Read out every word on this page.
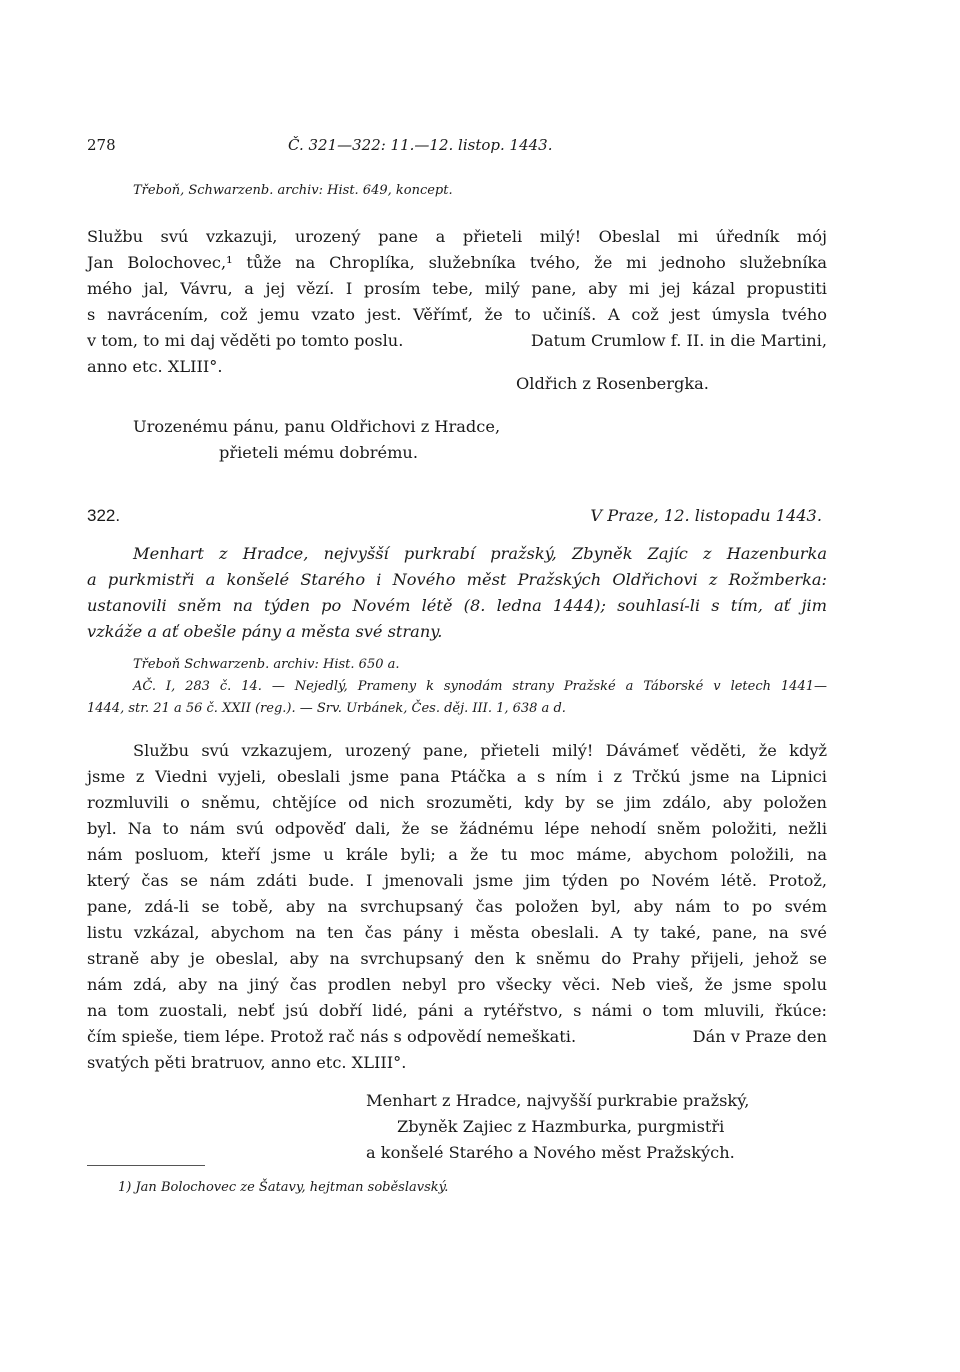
278	Č. 321—322: 11.—12. listop. 1443.
Třeboň, Schwarzenb. archiv: Hist. 649, koncept.
Službu svú vzkazuji, urozený pane a přieteli milý! Obeslal mi úředník mój
Jan Bolochovec,¹ tůže na Chroplíka, služebníka tvého, že mi jednoho služebníka
mého jal, Vávru, a jej vězí. I prosím tebe, milý pane, aby mi jej kázal propustiti
s navrácením, což jemu vzato jest. Věřímť, že to učiníš. A což jest úmysla tvého
v tom, to mi daj věděti po tomto poslu.	Datum Crumlow f. II. in die Martini,
anno etc. XLIII°.
Oldřich z Rosenbergka.
Urozenému pánu, panu Oldřichovi z Hradce,
přieteli mému dobrému.
322.	V Praze, 12. listopadu 1443.
Menhart z Hradce, nejvyšší purkrabí pražský, Zbyněk Zajíc z Hazenburka
a purkmistři a konšelé Starého i Nového měst Pražských Oldřichovi z Rožmberka:
ustanovili sněm na týden po Novém létě (8. ledna 1444); souhlasí-li s tím, ať jim
vzkáže a ať obešle pány a města své strany.
Třeboň Schwarzenb. archiv: Hist. 650 a.
AČ. I, 283 č. 14. — Nejedlý, Prameny k synodám strany Pražské a Táborské v letech 1441—
1444, str. 21 a 56 č. XXII (reg.). — Srv. Urbánek, Čes. děj. III. 1, 638 a d.
Službu svú vzkazujem, urozený pane, přieteli milý! Dávámeť věděti, že když
jsme z Viedni vyjeli, obeslali jsme pana Ptáčka a s ním i z Trčkú jsme na Lipnici
rozmluvili o sněmu, chtějíce od nich srozuměti, kdy by se jim zdálo, aby položen
byl. Na to nám svú odpověď dali, že se žádnému lépe nehodí sněm položiti, nežli
nám posluom, kteří jsme u krále byli; a že tu moc máme, abychom položili, na
který čas se nám zdáti bude. I jmenovali jsme jim týden po Novém létě. Protož,
pane, zdá-li se tobě, aby na svrchupsaný čas položen byl, aby nám to po svém
listu vzkázal, abychom na ten čas pány i města obeslali. A ty také, pane, na své
straně aby je obeslal, aby na svrchupsaný den k sněmu do Prahy přijeli, jehož se
nám zdá, aby na jiný čas prodlen nebyl pro všecky věci. Neb vieš, že jsme spolu
na tom zuostali, nebť jsú dobří lidé, páni a rytéřstvo, s námi o tom mluvili, řkúce:
čím spieše, tiem lépe. Protož rač nás s odpovědí nemeškati.	Dán v Praze den
svatých pěti bratruov, anno etc. XLIII°.
Menhart z Hradce, najvyšší purkrabie pražský,
Zbyněk Zajiec z Hazmburka, purgmistři
a konšelé Starého a Nového měst Pražských.
1) Jan Bolochovec ze Šatavy, hejtman soběslavský.
